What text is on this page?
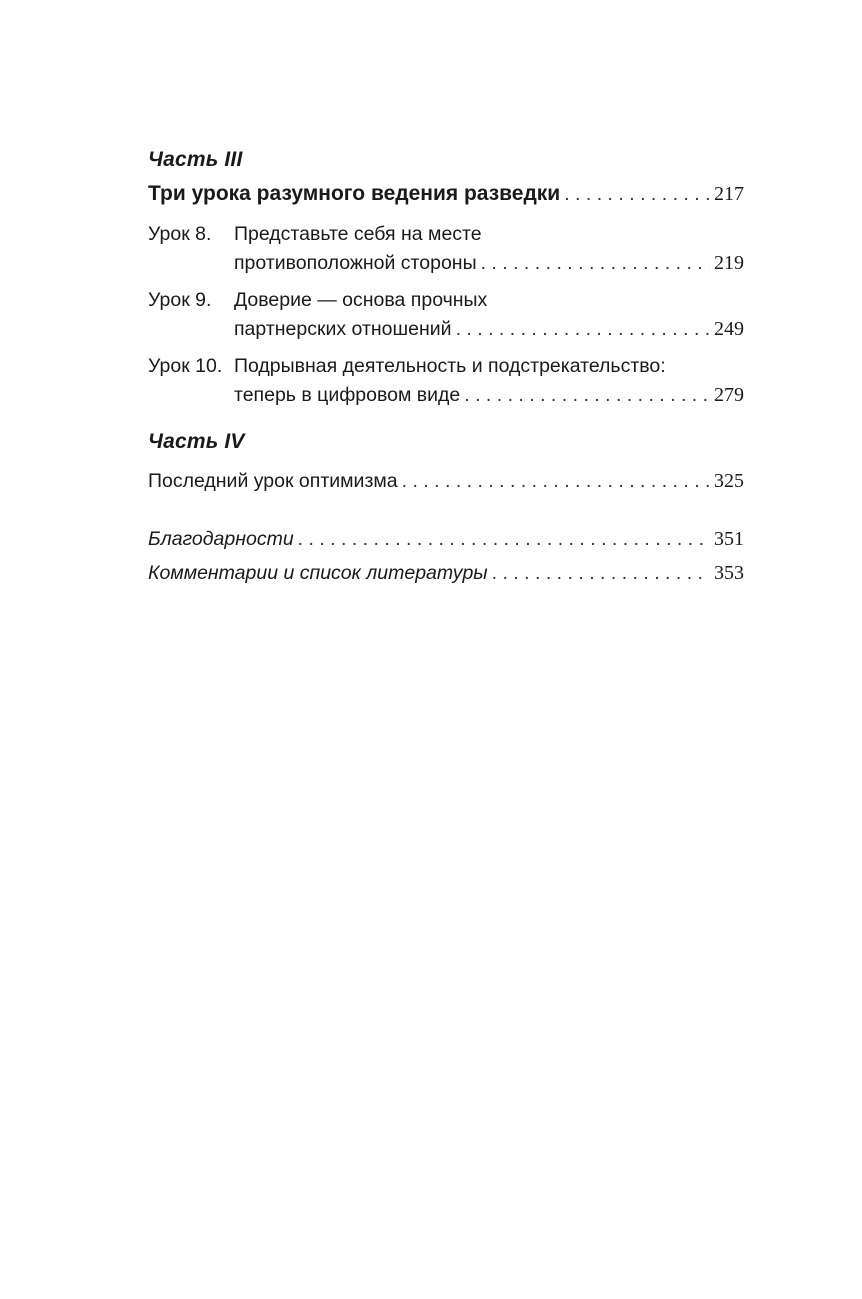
Часть III
Три урока разумного ведения разведки . . .	217
Урок 8. Представьте себя на месте
противоположной стороны . . .	219
Урок 9. Доверие — основа прочных
партнерских отношений . . .	249
Урок 10. Подрывная деятельность и подстрекательство:
теперь в цифровом виде . . .	279
Часть IV
Последний урок оптимизма . . .	325
Благодарности . . .	351
Комментарии и список литературы . . .	353
